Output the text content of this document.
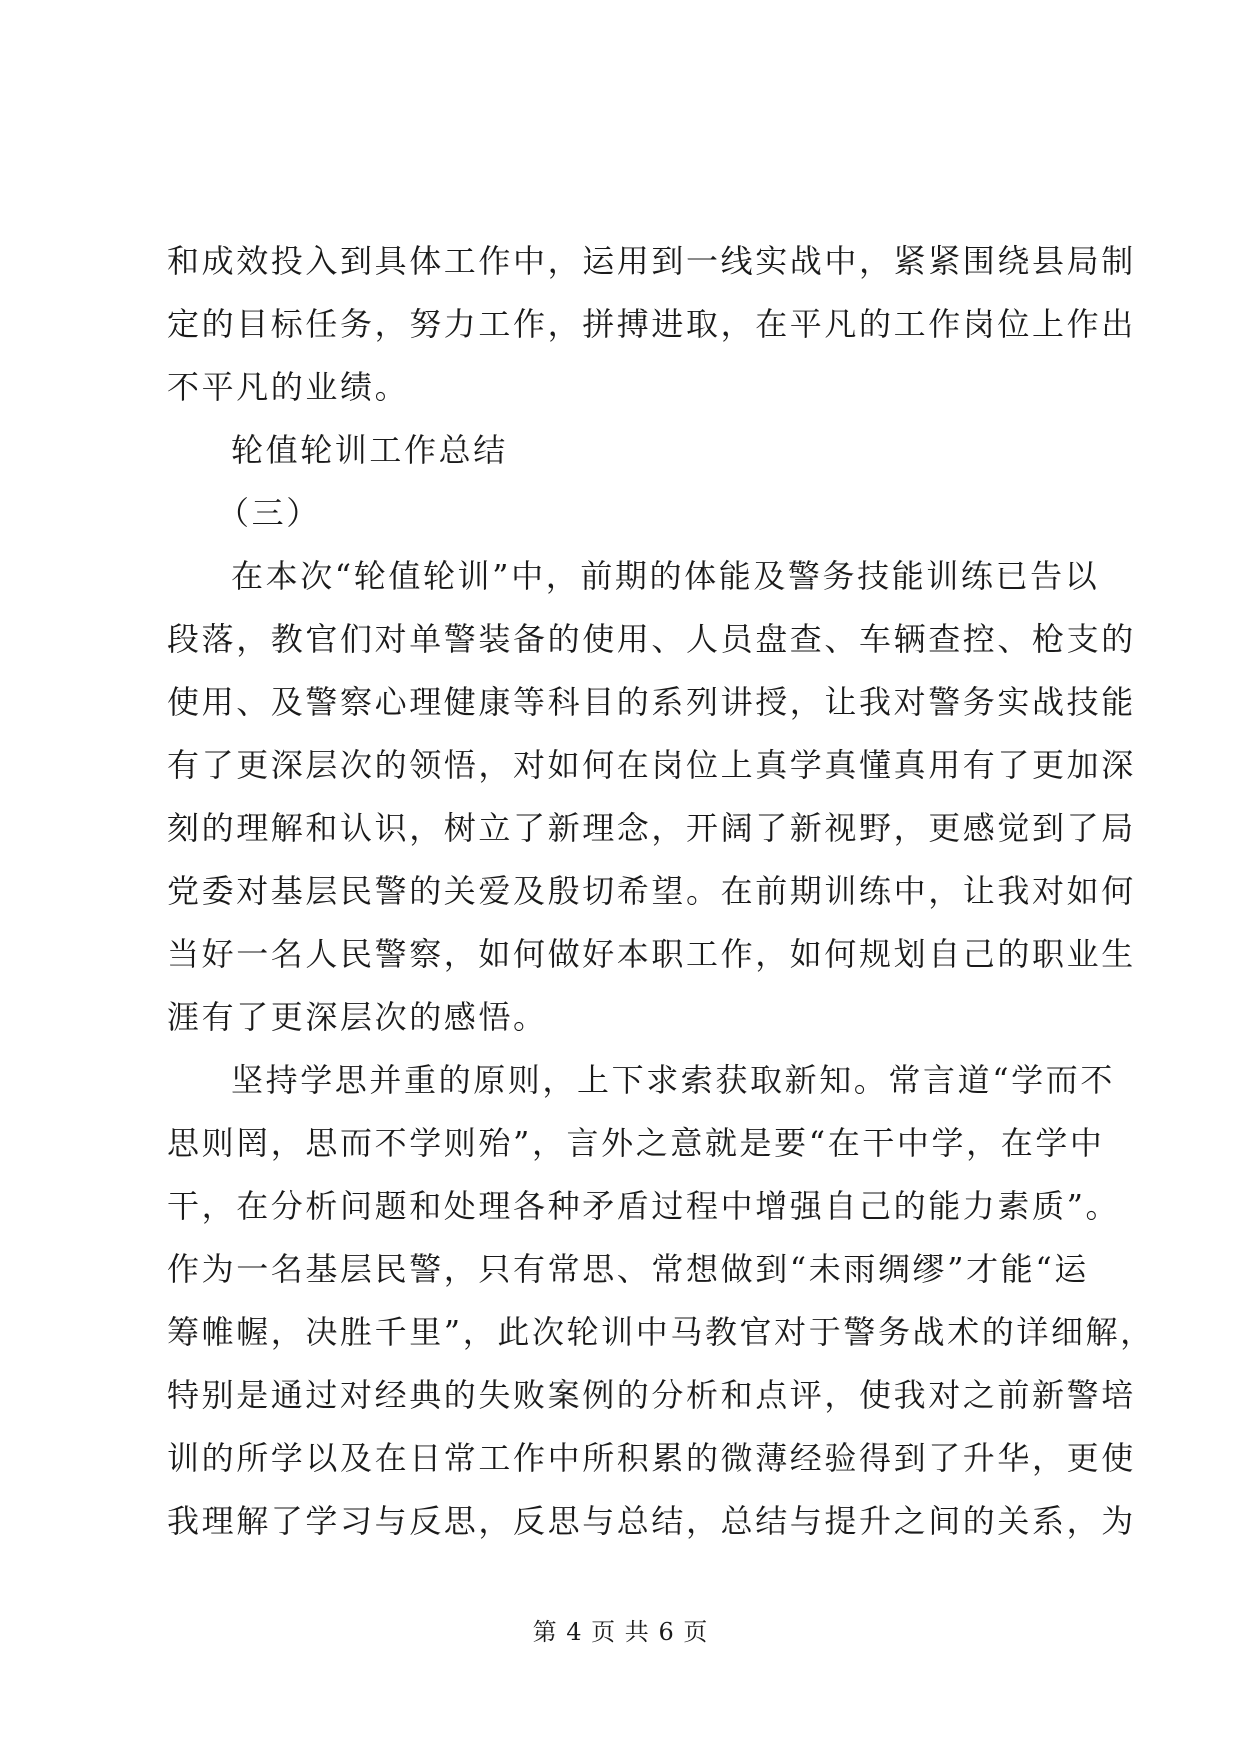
和成效投入到具体工作中，运用到一线实战中，紧紧围绕县局制
定的目标任务，努力工作，拼搏进取，在平凡的工作岗位上作出
不平凡的业绩。
轮值轮训工作总结
（三）
在本次“轮值轮训”中，前期的体能及警务技能训练已告以
段落，教官们对单警装备的使用、人员盘查、车辆查控、枪支的
使用、及警察心理健康等科目的系列讲授，让我对警务实战技能
有了更深层次的领悟，对如何在岗位上真学真懂真用有了更加深
刻的理解和认识，树立了新理念，开阔了新视野，更感觉到了局
党委对基层民警的关爱及殷切希望。在前期训练中，让我对如何
当好一名人民警察，如何做好本职工作，如何规划自己的职业生
涯有了更深层次的感悟。
坚持学思并重的原则，上下求索获取新知。常言道“学而不
思则罔，思而不学则殆”，言外之意就是要“在干中学，在学中
干，在分析问题和处理各种矛盾过程中增强自己的能力素质”。
作为一名基层民警，只有常思、常想做到“未雨绸缪”才能“运
筹帷幄，决胜千里”，此次轮训中马教官对于警务战术的详细解，
特别是通过对经典的失败案例的分析和点评，使我对之前新警培
训的所学以及在日常工作中所积累的微薄经验得到了升华，更使
我理解了学习与反思，反思与总结，总结与提升之间的关系，为
第 4 页 共 6 页
